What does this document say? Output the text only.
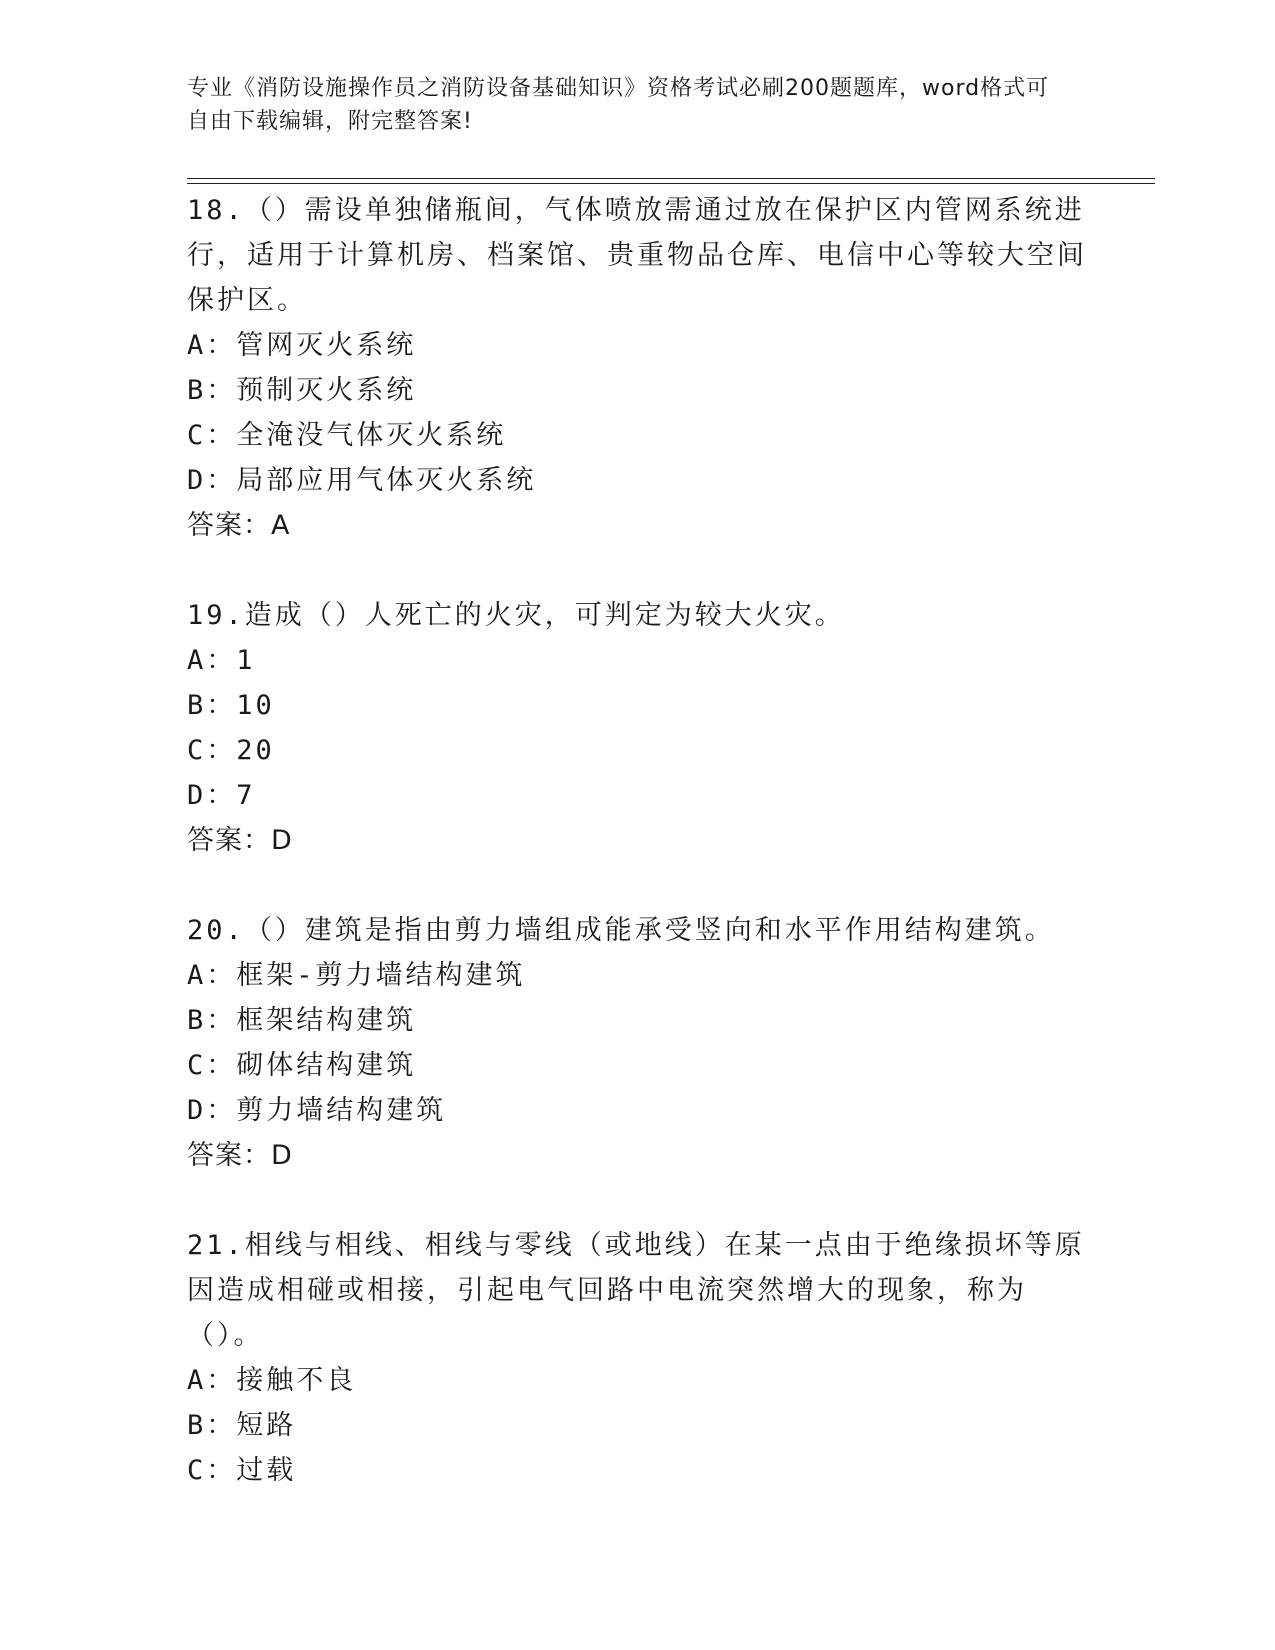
专业《消防设施操作员之消防设备基础知识》资格考试必刷200题题库，word格式可自由下载编辑，附完整答案!

18.（）需设单独储瓶间，气体喷放需通过放在保护区内管网系统进行，适用于计算机房、档案馆、贵重物品仓库、电信中心等较大空间保护区。

A：管网灭火系统

B：预制灭火系统

C：全淹没气体灭火系统

D：局部应用气体灭火系统

答案：A

19.造成（）人死亡的火灾，可判定为较大火灾。

A：1

B：10

C：20

D：7

答案：D

20.（）建筑是指由剪力墙组成能承受竖向和水平作用结构建筑。

A：框架-剪力墙结构建筑

B：框架结构建筑

C：砌体结构建筑

D：剪力墙结构建筑

答案：D

21.相线与相线、相线与零线（或地线）在某一点由于绝缘损坏等原因造成相碰或相接，引起电气回路中电流突然增大的现象，称为（）。

A：接触不良

B：短路

C：过载
